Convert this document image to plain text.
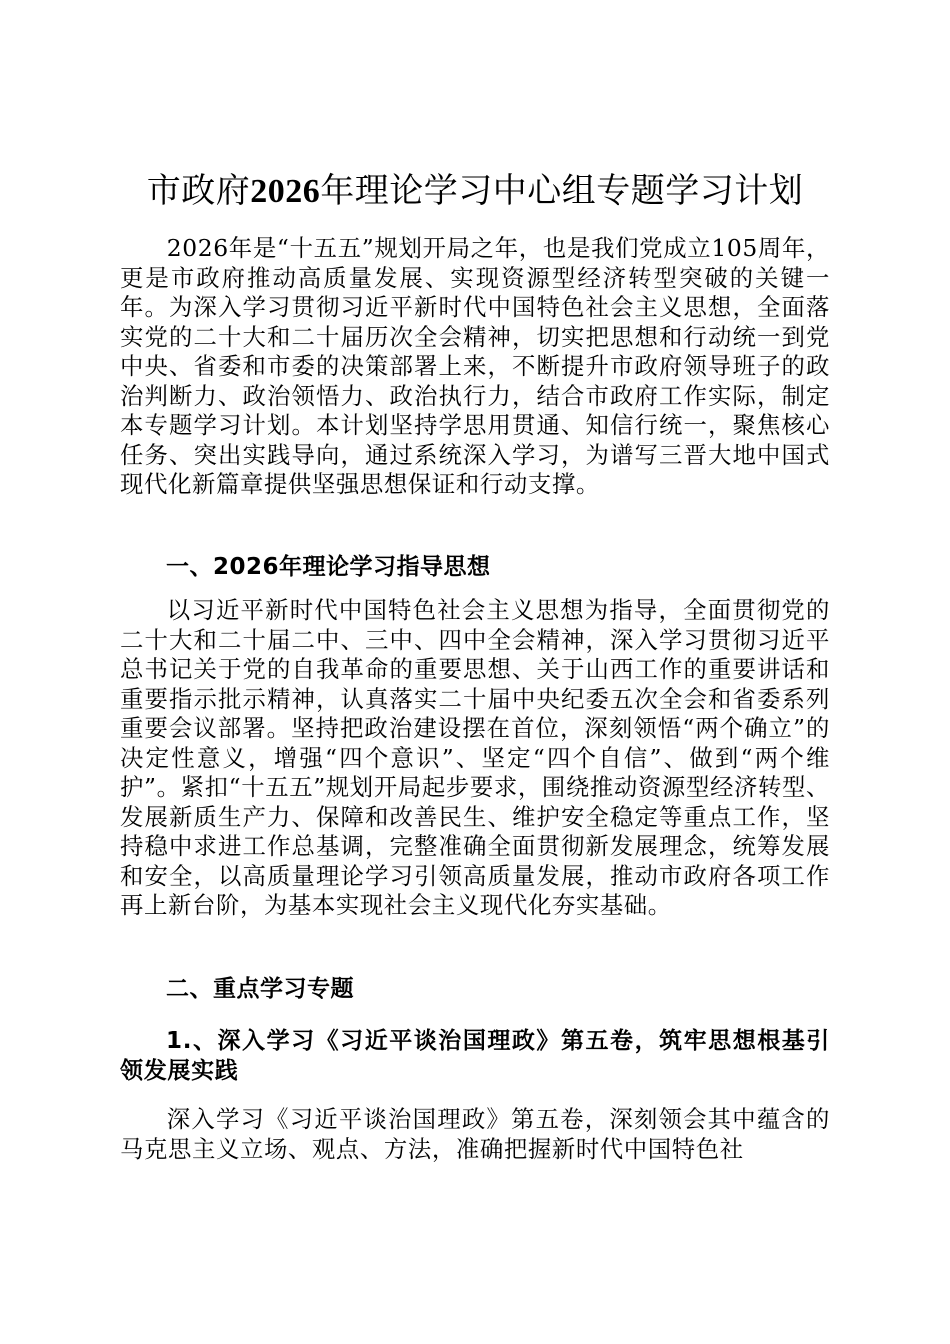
市政府2026年理论学习中心组专题学习计划

2026年是“十五五”规划开局之年，也是我们党成立105周年，更是市政府推动高质量发展、实现资源型经济转型突破的关键一年。为深入学习贯彻习近平新时代中国特色社会主义思想，全面落实党的二十大和二十届历次全会精神，切实把思想和行动统一到党中央、省委和市委的决策部署上来，不断提升市政府领导班子的政治判断力、政治领悟力、政治执行力，结合市政府工作实际，制定本专题学习计划。本计划坚持学思用贯通、知信行统一，聚焦核心任务、突出实践导向，通过系统深入学习，为谱写三晋大地中国式现代化新篇章提供坚强思想保证和行动支撑。

一、2026年理论学习指导思想

以习近平新时代中国特色社会主义思想为指导，全面贯彻党的二十大和二十届二中、三中、四中全会精神，深入学习贯彻习近平总书记关于党的自我革命的重要思想、关于山西工作的重要讲话和重要指示批示精神，认真落实二十届中央纪委五次全会和省委系列重要会议部署。坚持把政治建设摆在首位，深刻领悟“两个确立”的决定性意义，增强“四个意识”、坚定“四个自信”、做到“两个维护”。紧扣“十五五”规划开局起步要求，围绕推动资源型经济转型、发展新质生产力、保障和改善民生、维护安全稳定等重点工作，坚持稳中求进工作总基调，完整准确全面贯彻新发展理念，统筹发展和安全，以高质量理论学习引领高质量发展，推动市政府各项工作再上新台阶，为基本实现社会主义现代化夯实基础。

二、重点学习专题
1.、深入学习《习近平谈治国理政》第五卷，筑牢思想根基引领发展实践

深入学习《习近平谈治国理政》第五卷，深刻领会其中蕴含的马克思主义立场、观点、方法，准确把握新时代中国特色社
